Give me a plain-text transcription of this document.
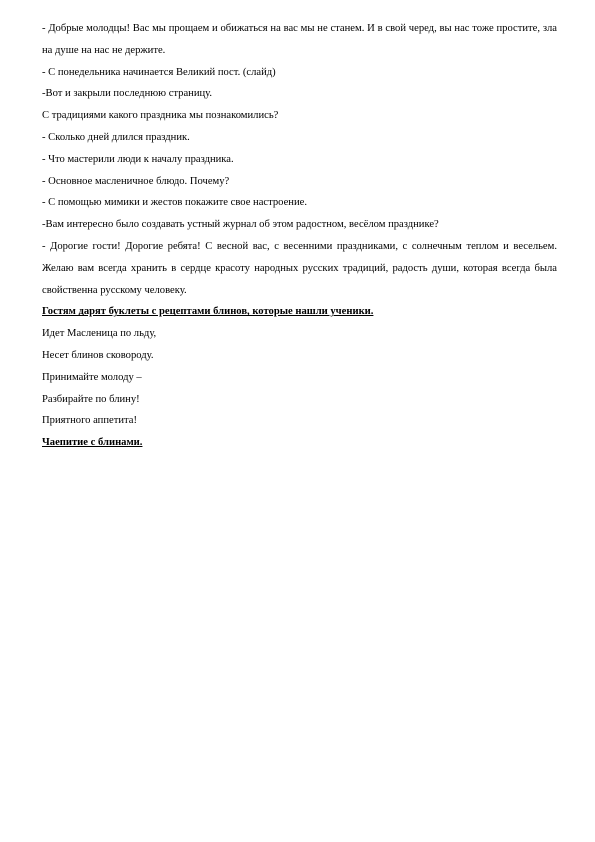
- Добрые молодцы! Вас мы прощаем и обижаться на вас мы не станем. И в свой черед, вы нас тоже простите, зла на душе на нас не держите.

- С понедельника начинается Великий пост. (слайд)

-Вот и закрыли последнюю страницу.

С традициями какого праздника мы познакомились?

- Сколько дней длился праздник.

- Что мастерили люди к началу праздника.

- Основное масленичное блюдо. Почему?

- С помощью мимики и жестов покажите свое настроение.

-Вам интересно было создавать устный журнал об этом радостном, весёлом празднике?

- Дорогие гости! Дорогие ребята! С весной вас, с весенними праздниками, с солнечным теплом и весельем. Желаю вам всегда хранить в сердце красоту народных русских традиций, радость души, которая всегда была свойственна русскому человеку.

Гостям дарят буклеты с рецептами блинов, которые нашли ученики.

Идет Масленица по льду,

Несет блинов сковороду.

Принимайте молоду –

Разбирайте по блину!

Приятного аппетита!

Чаепитие с блинами.
